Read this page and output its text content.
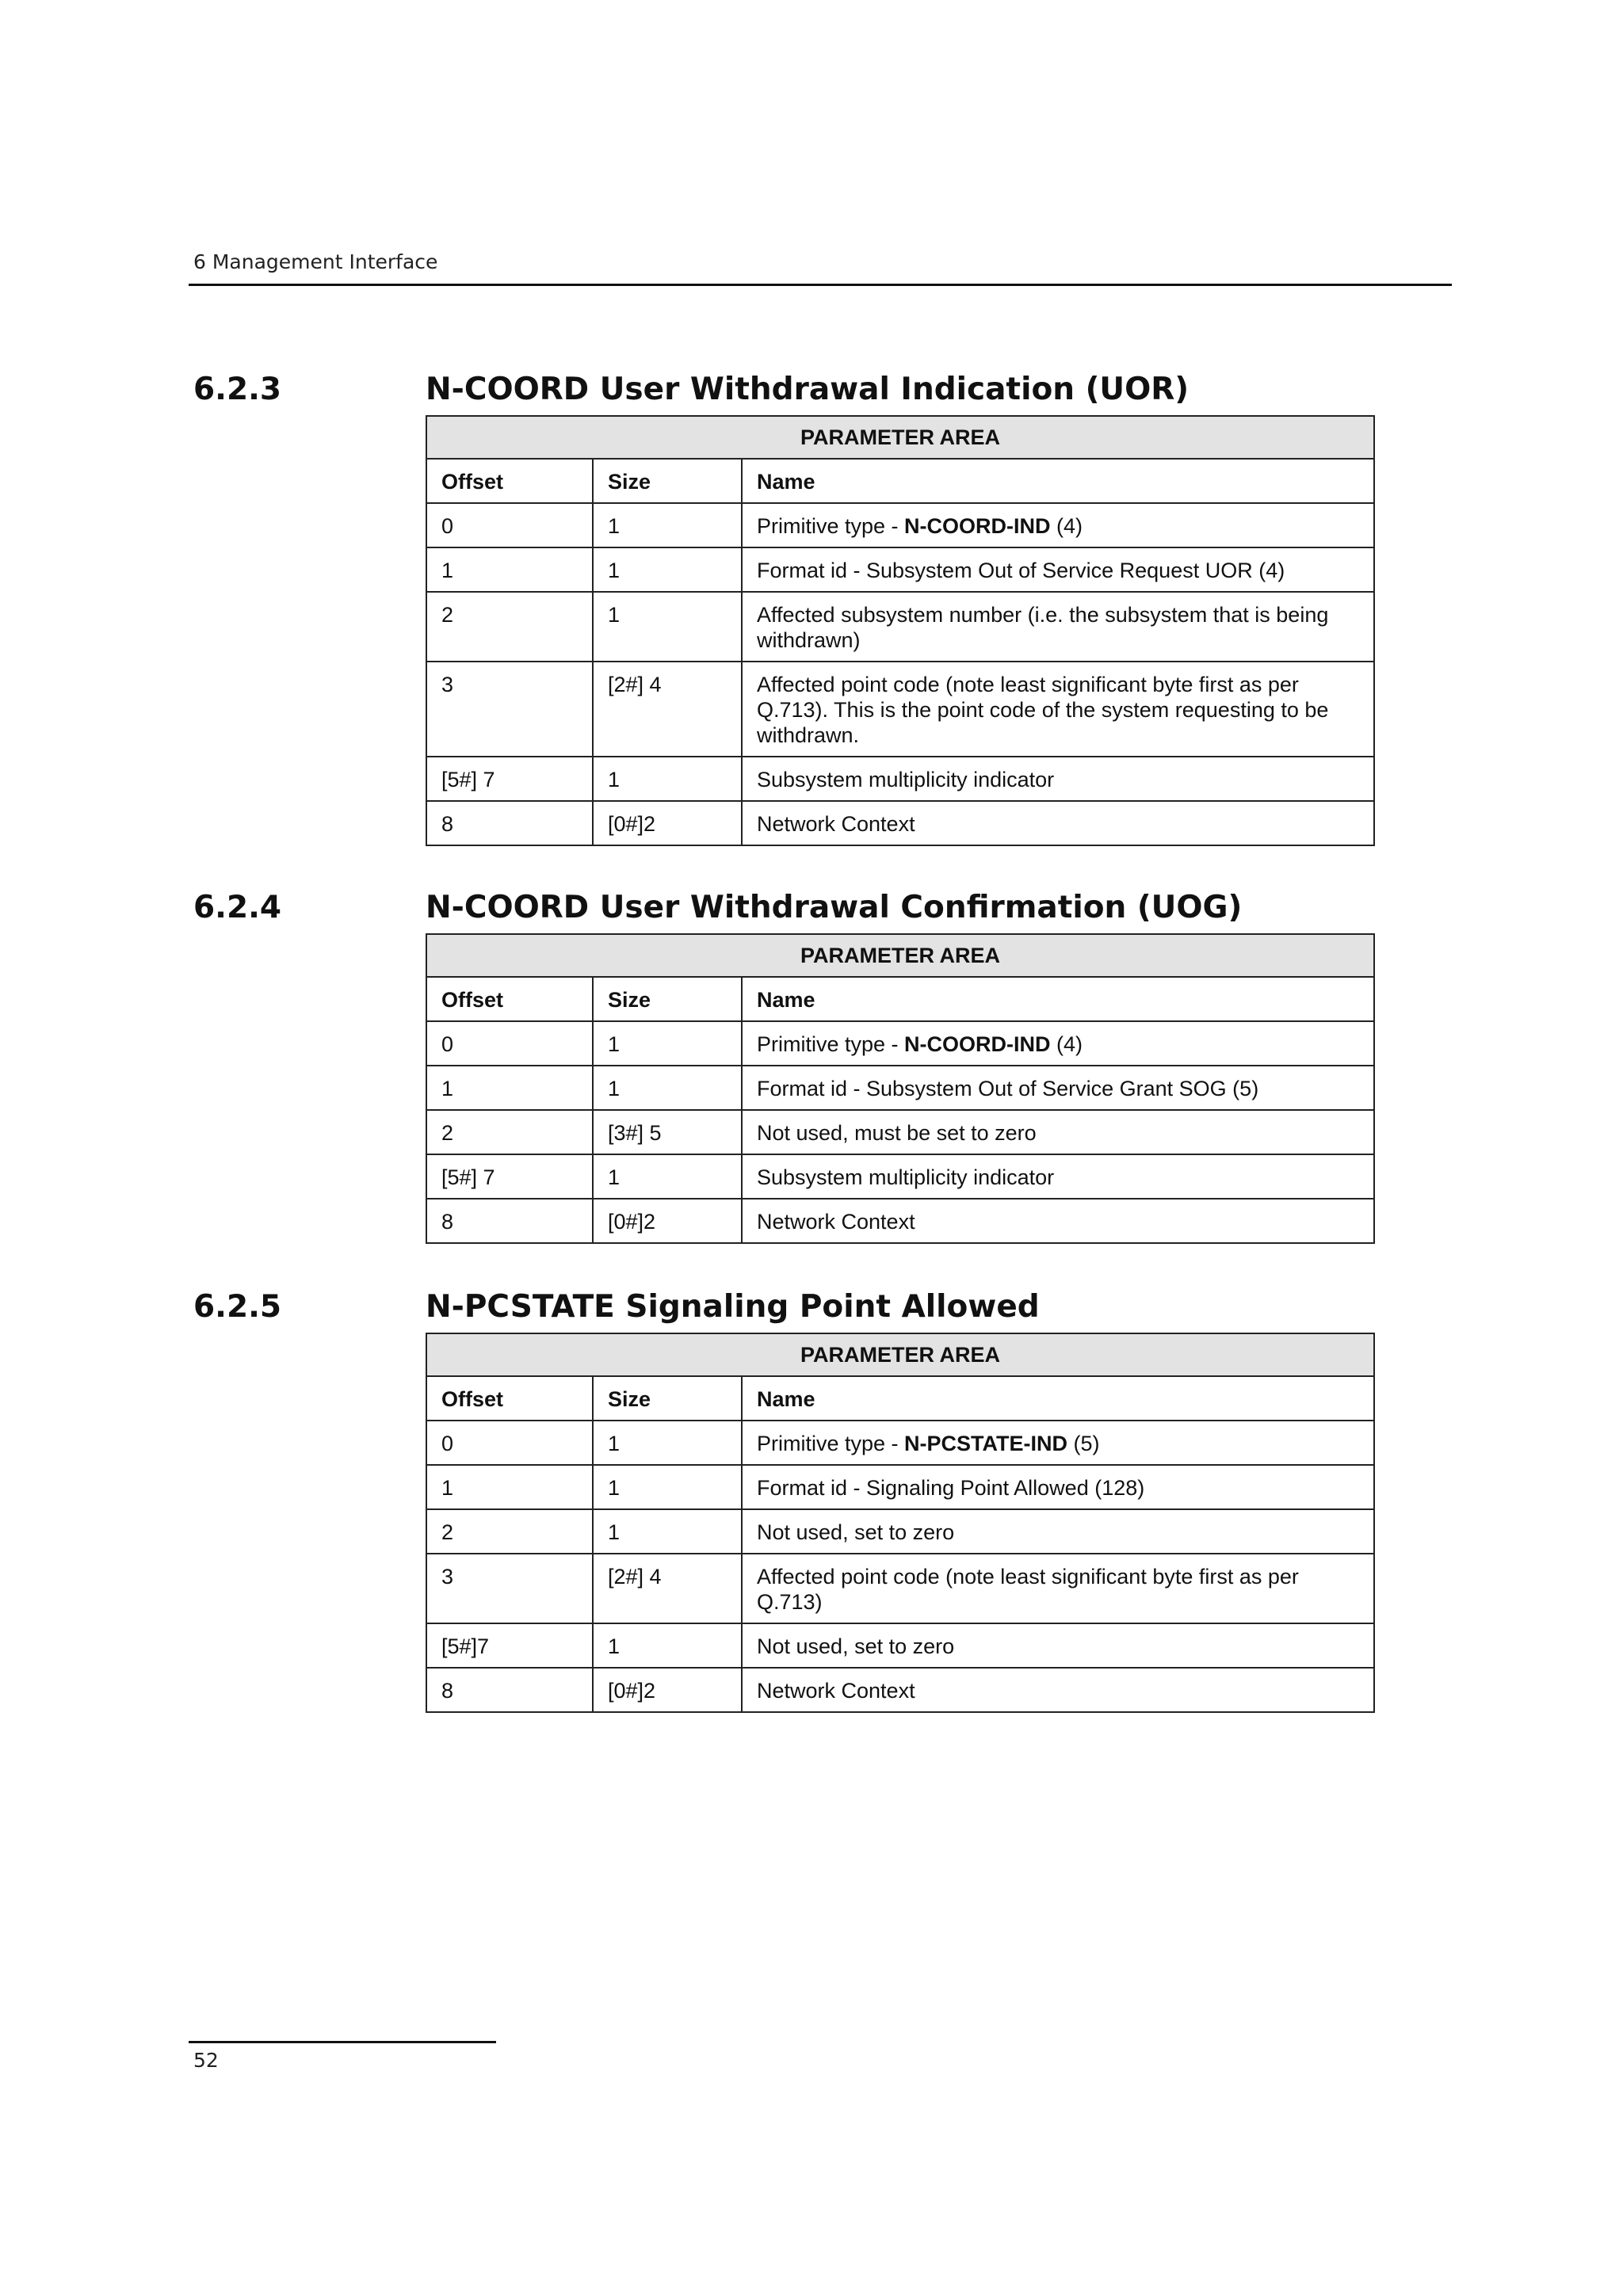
6 Management Interface
6.2.3	N-COORD User Withdrawal Indication (UOR)
PARAMETER AREA		
Offset	Size	Name
0	1	Primitive type - N-COORD-IND (4)
1	1	Format id - Subsystem Out of Service Request UOR (4)
2	1	Affected subsystem number (i.e. the subsystem that is being withdrawn)
3	[2#] 4	Affected point code (note least significant byte first as per Q.713). This is the point code of the system requesting to be withdrawn.
[5#] 7	1	Subsystem multiplicity indicator
8	[0#]2	Network Context
6.2.4	N-COORD User Withdrawal Confirmation (UOG)
PARAMETER AREA		
Offset	Size	Name
0	1	Primitive type - N-COORD-IND (4)
1	1	Format id - Subsystem Out of Service Grant SOG (5)
2	[3#] 5	Not used, must be set to zero
[5#] 7	1	Subsystem multiplicity indicator
8	[0#]2	Network Context
6.2.5	N-PCSTATE Signaling Point Allowed
PARAMETER AREA		
Offset	Size	Name
0	1	Primitive type - N-PCSTATE-IND (5)
1	1	Format id - Signaling Point Allowed (128)
2	1	Not used, set to zero
3	[2#] 4	Affected point code (note least significant byte first as per Q.713)
[5#]7	1	Not used, set to zero
8	[0#]2	Network Context
52
